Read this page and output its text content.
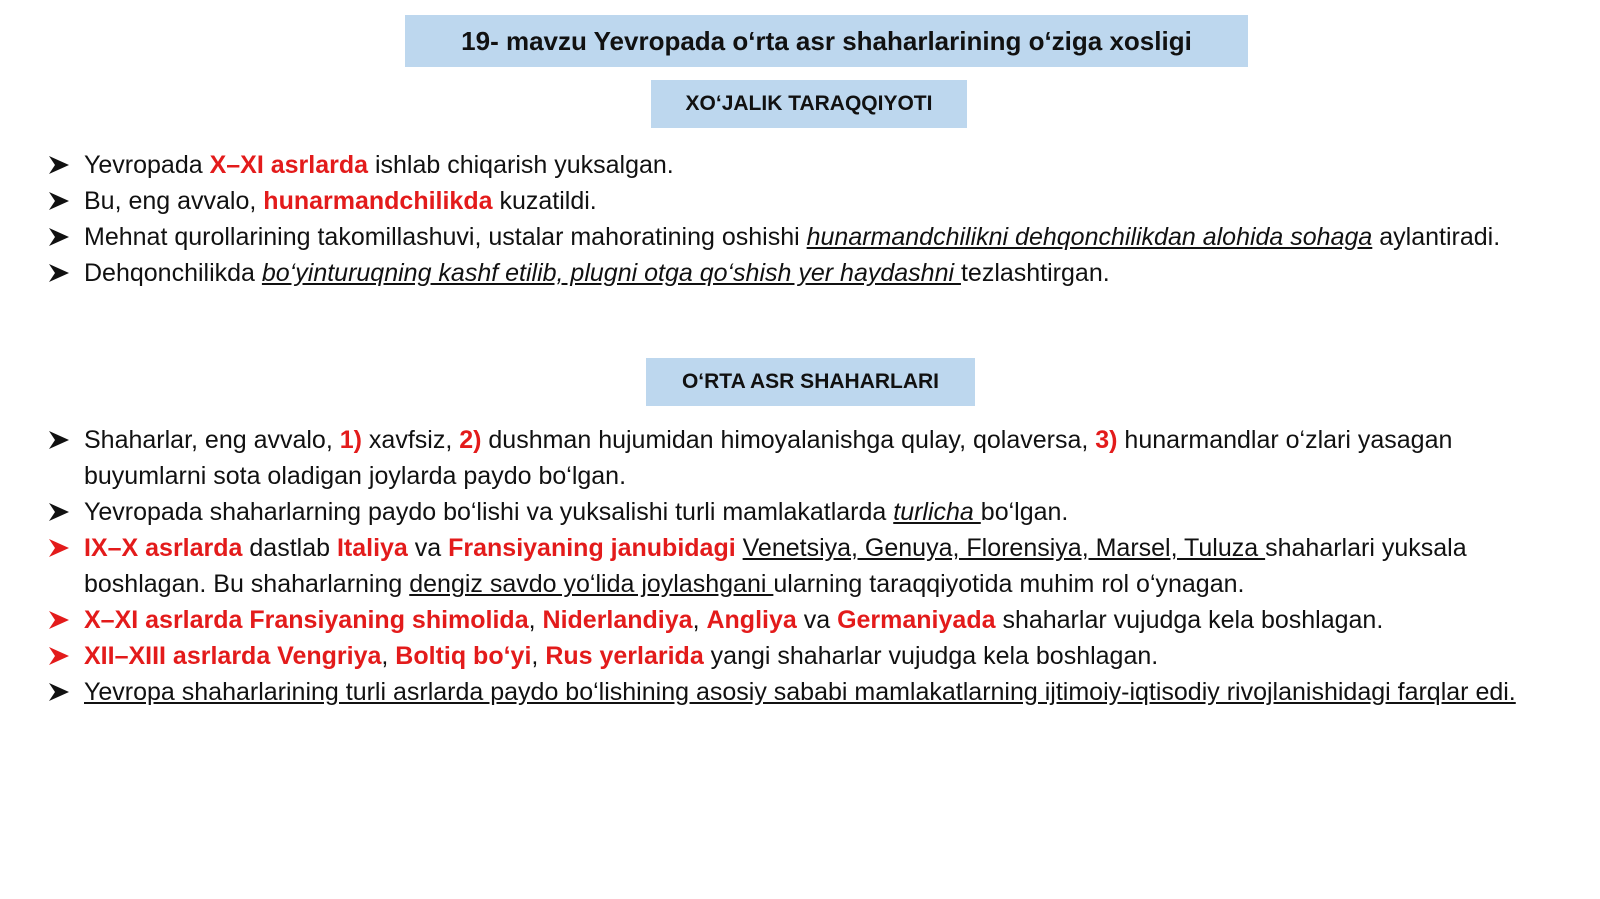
19- mavzu Yevropada o‘rta asr shaharlarining o‘ziga xosligi
XO‘JALIK TARAQQIYOTI
Yevropada X–XI asrlarda ishlab chiqarish yuksalgan.
Bu, eng avvalo, hunarmandchilikda kuzatildi.
Mehnat qurollarining takomillashuvi, ustalar mahoratining oshishi hunarmandchilikni dehqonchilikdan alohida sohaga aylantiradi.
Dehqonchilikda bo‘yinturuqning kashf etilib, plugni otga qo‘shish yer haydashni tezlashtirgan.
O‘RTA ASR SHAHARLARI
Shaharlar, eng avvalo, 1) xavfsiz, 2) dushman hujumidan himoyalanishga qulay, qolaversa, 3) hunarmandlar o‘zlari yasagan buyumlarni sota oladigan joylarda paydo bo‘lgan.
Yevropada shaharlarning paydo bo‘lishi va yuksalishi turli mamlakatlarda turlicha bo‘lgan.
IX–X asrlarda dastlab Italiya va Fransiyaning janubidagi Venetsiya, Genuya, Florensiya, Marsel, Tuluza shaharlari yuksala boshlagan. Bu shaharlarning dengiz savdo yo‘lida joylashgani ularning taraqqiyotida muhim rol o‘ynagan.
X–XI asrlarda Fransiyaning shimolida, Niderlandiya, Angliya va Germaniyada shaharlar vujudga kela boshlagan.
XII–XIII asrlarda Vengriya, Boltiq bo‘yi, Rus yerlarida yangi shaharlar vujudga kela boshlagan.
Yevropa shaharlarining turli asrlarda paydo bo‘lishining asosiy sababi mamlakatlarning ijtimoiy-iqtisodiy rivojlanishidagi farqlar edi.
